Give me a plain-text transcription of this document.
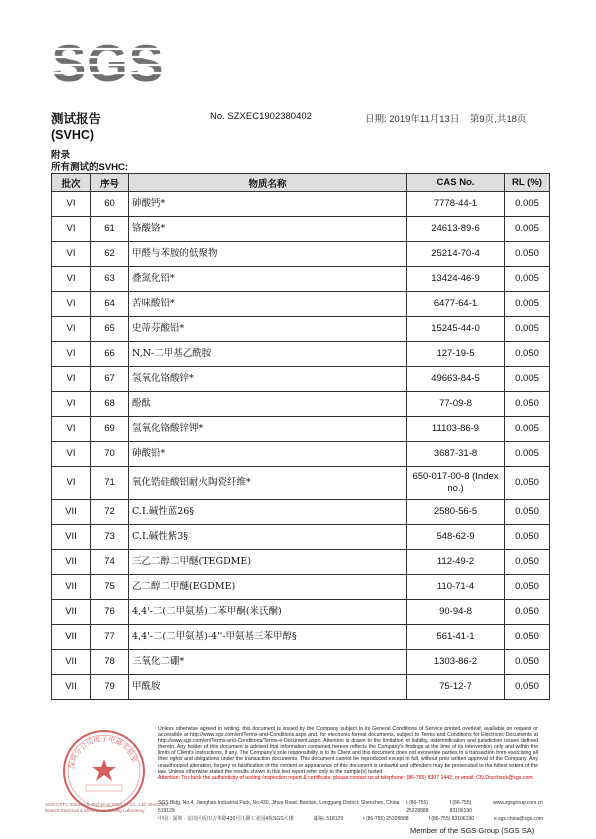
SGS
测试报告
(SVHC)
No. SZXEC1902380402	日期: 2019年11月13日    第9页,共18页
附录
所有测试的SVHC:
批次	序号	物质名称	CAS No.	RL (%)
VI	60	砷酸钙*	7778-44-1	0.005
VI	61	铬酸铬*	24613-89-6	0.005
VI	62	甲醛与苯胺的低聚物	25214-70-4	0.050
VI	63	叠氮化铅*	13424-46-9	0.005
VI	64	苦味酸铅*	6477-64-1	0.005
VI	65	史蒂芬酸铅*	15245-44-0	0.005
VI	66	N,N-二甲基乙酰胺	127-19-5	0.050
VI	67	氢氧化铬酸锌*	49663-84-5	0.005
VI	68	酚酞	77-09-8	0.050
VI	69	氢氧化铬酸锌钾*	11103-86-9	0.005
VI	70	砷酸铅*	3687-31-8	0.005
VI	71	氧化锆硅酸铝耐火陶瓷纤维*	650-017-00-8 (Index no.)	0.050
VII	72	C.I.碱性蓝26§	2580-56-5	0.050
VII	73	C.I.碱性紫3§	548-62-9	0.050
VII	74	三乙二醇二甲醚(TEGDME)	112-49-2	0.050
VII	75	乙二醇二甲醚(EGDME)	110-71-4	0.050
VII	76	4,4'-二(二甲氨基)二苯甲酮(米氏酮)	90-94-8	0.050
VII	77	4,4'-二(二甲氨基)-4''-甲氨基三苯甲醇§	561-41-1	0.050
VII	78	三氧化二硼*	1303-86-2	0.050
VII	79	甲酰胺	75-12-7	0.050
深圳分公司电子电器实验室
SGS-CSTC Standards Technical Services Co., Ltd. Shenzhen Branch Electrical & Electronics Testing Laboratory
Unless otherwise agreed in writing, this document is issued by the Company subject to its General Conditions of Service printed overleaf, available on request or accessible at http://www.sgs.com/en/Terms-and-Conditions.aspx and, for electronic format documents, subject to Terms and Conditions for Electronic Documents at http://www.sgs.com/en/Terms-and-Conditions/Terms-e-Document.aspx. Attention is drawn to the limitation of liability, indemnification and jurisdiction issues defined therein. Any holder of this document is advised that information contained hereon reflects the Company's findings at the time of its intervention only and within the limits of Client's instructions, if any. The Company's sole responsibility is to its Client and this document does not exonerate parties to a transaction from exercising all their rights and obligations under the transaction documents. This document cannot be reproduced except in full, without prior written approval of the Company. Any unauthorized alteration, forgery or falsification of the content or appearance of this document is unlawful and offenders may be prosecuted to the fullest extent of the law. Unless otherwise stated the results shown in this test report refer only to the sample(s) tested
Attention: To check the authenticity of testing /inspection report & certificate, please contact us at telephone: (86-755) 8307 1443, or email: CN.Doccheck@sgs.com
SGS Bldg, No.4, Jianghao Industrial Park, No.430, Jihua Road, Bantian, Longgang District, Shenzhen, China 518129
t (86-755) 25328888
f (86-755) 83106190
www.sgsgroup.com.cn
中国 · 深圳 · 龙岗区坂田吉华路430号江灏工业园4栋SGS大楼	邮编: 518129	t (86-755) 25328888	f (86-755) 83106190	e sgs.china@sgs.com
Member of the SGS Group (SGS SA)
